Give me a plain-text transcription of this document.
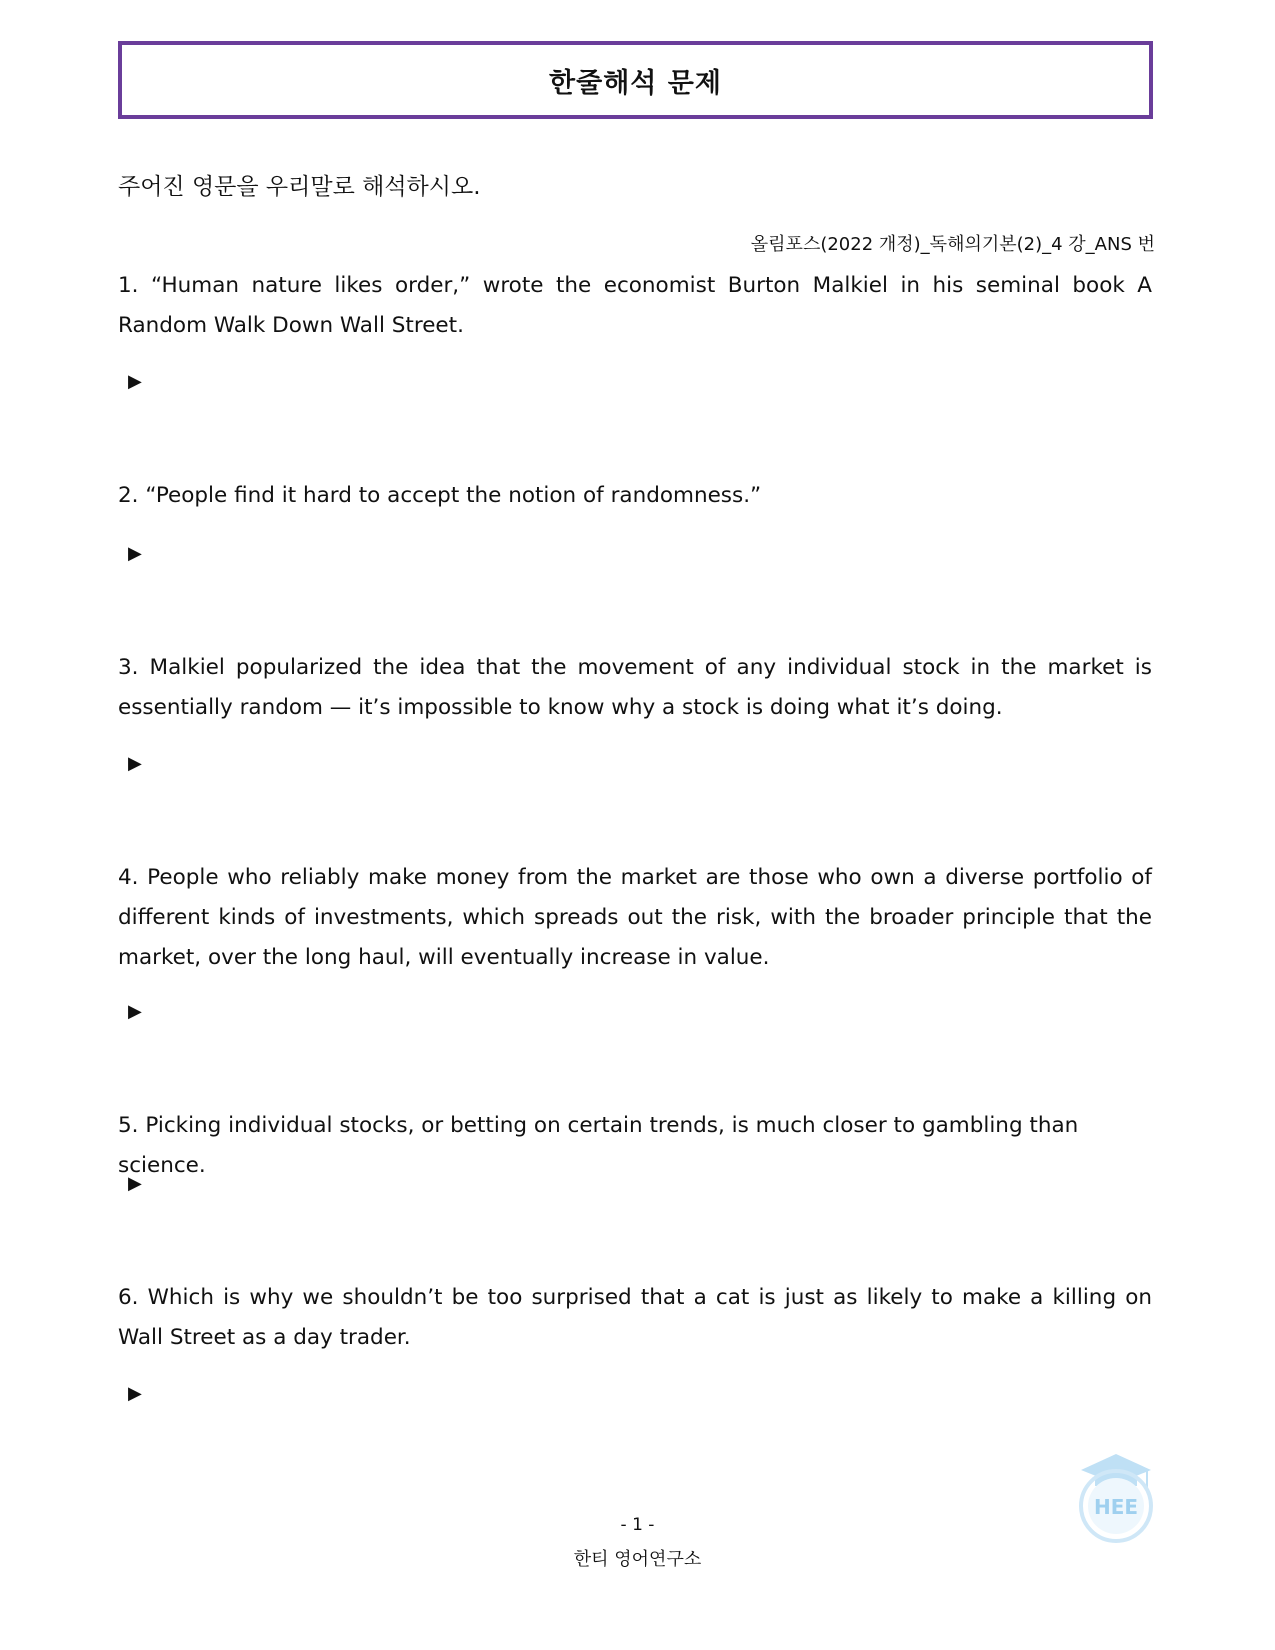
한줄해석 문제
주어진 영문을 우리말로 해석하시오.
올림포스(2022 개정)_독해의기본(2)_4 강_ANS 번

1. “Human nature likes order,” wrote the economist Burton Malkiel in his seminal book A Random Walk Down Wall Street.

▶

2. “People find it hard to accept the notion of randomness.”

▶

3. Malkiel popularized the idea that the movement of any individual stock in the market is essentially random — it’s impossible to know why a stock is doing what it’s doing.

▶

4. People who reliably make money from the market are those who own a diverse portfolio of different kinds of investments, which spreads out the risk, with the broader principle that the market, over the long haul, will eventually increase in value.

▶

5. Picking individual stocks, or betting on certain trends, is much closer to gambling than science.

▶

6. Which is why we shouldn’t be too surprised that a cat is just as likely to make a killing on Wall Street as a day trader.

▶
- 1 -
한티 영어연구소
HEE
